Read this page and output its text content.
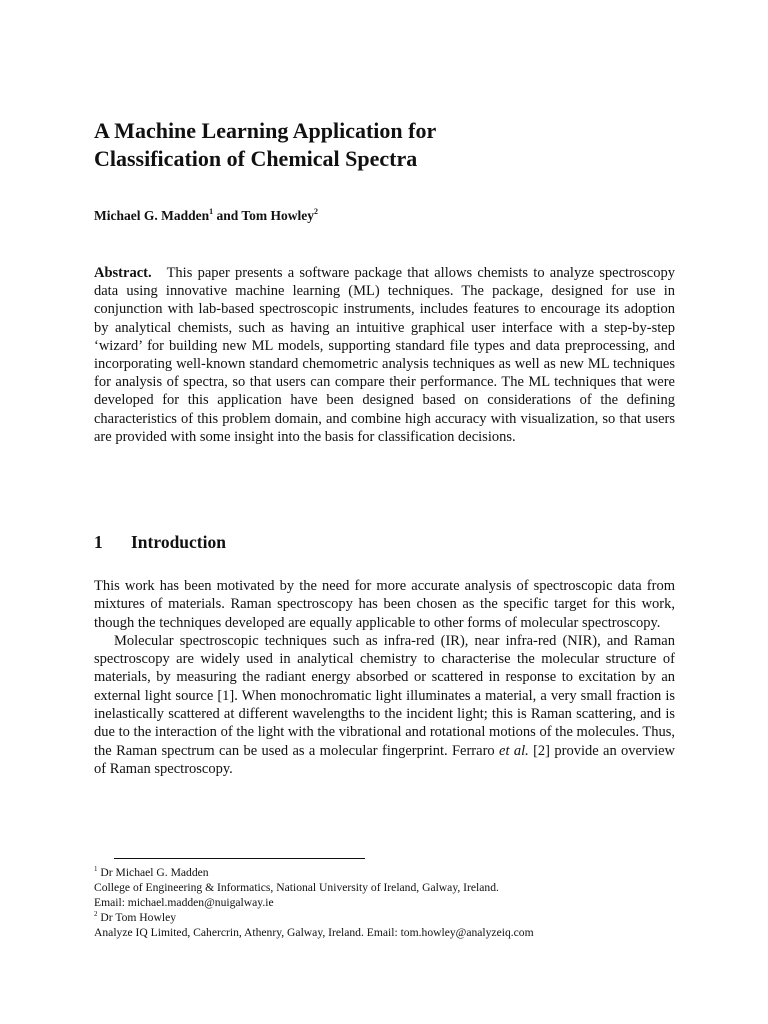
A Machine Learning Application for
Classification of Chemical Spectra
Michael G. Madden$^1$ and Tom Howley$^2$

Abstract. This paper presents a software package that allows chemists to analyze spectroscopy data using innovative machine learning (ML) techniques. The package, designed for use in conjunction with lab-based spectroscopic instruments, includes features to encourage its adoption by analytical chemists, such as having an intuitive graphical user interface with a step-by-step ‘wizard’ for building new ML models, supporting standard file types and data preprocessing, and incorporating well-known standard chemometric analysis techniques as well as new ML techniques for analysis of spectra, so that users can compare their performance. The ML techniques that were developed for this application have been designed based on considerations of the defining characteristics of this problem domain, and combine high accuracy with visualization, so that users are provided with some insight into the basis for classification decisions.

1 Introduction

This work has been motivated by the need for more accurate analysis of spectroscopic data from mixtures of materials. Raman spectroscopy has been chosen as the specific target for this work, though the techniques developed are equally applicable to other forms of molecular spectroscopy.

Molecular spectroscopic techniques such as infra-red (IR), near infra-red (NIR), and Raman spectroscopy are widely used in analytical chemistry to characterise the molecular structure of materials, by measuring the radiant energy absorbed or scattered in response to excitation by an external light source [1]. When monochromatic light illuminates a material, a very small fraction is inelastically scattered at different wavelengths to the incident light; this is Raman scattering, and is due to the interaction of the light with the vibrational and rotational motions of the molecules. Thus, the Raman spectrum can be used as a molecular fingerprint. Ferraro et al. [2] provide an overview of Raman spectroscopy.

$^1$ Dr Michael G. Madden
College of Engineering & Informatics, National University of Ireland, Galway, Ireland.
Email: michael.madden@nuigalway.ie
$^2$ Dr Tom Howley
Analyze IQ Limited, Cahercrin, Athenry, Galway, Ireland. Email: tom.howley@analyzeiq.com
